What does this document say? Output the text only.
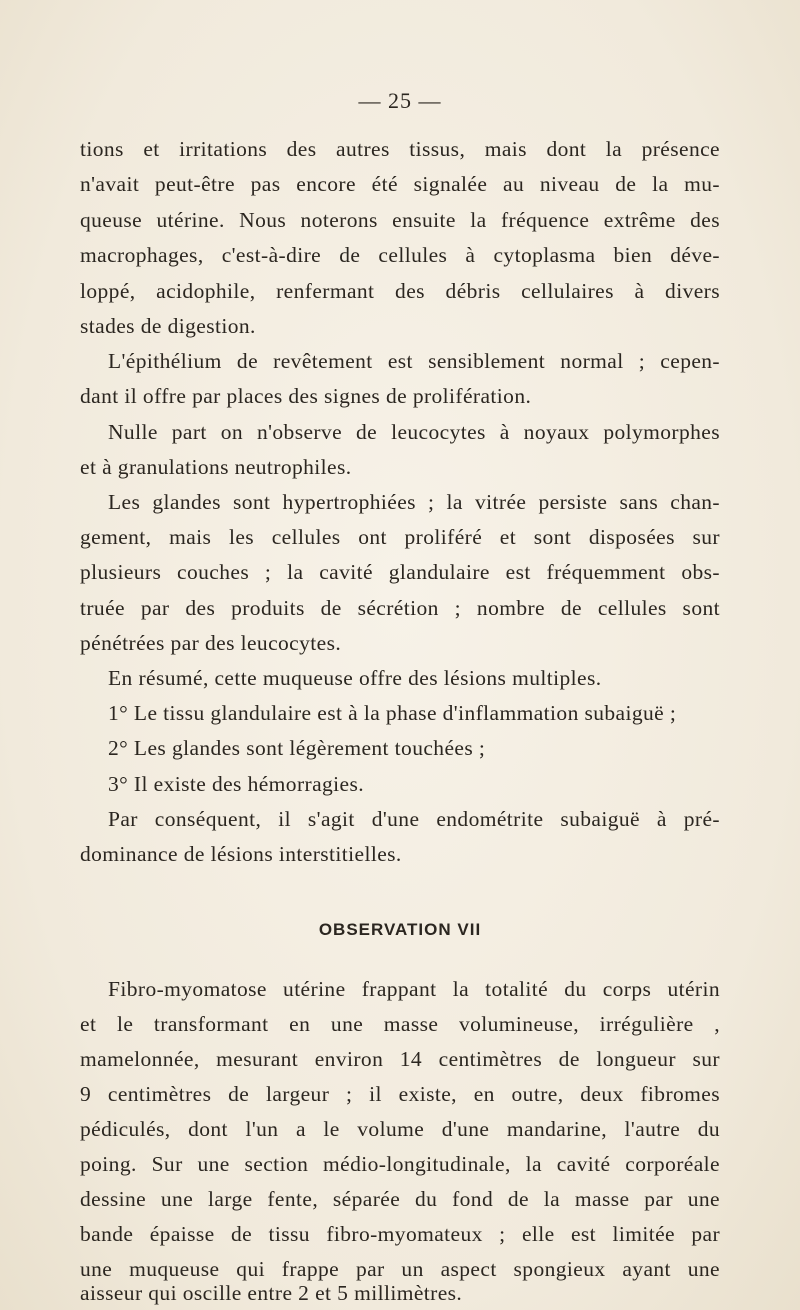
— 25 —
tions et irritations des autres tissus, mais dont la présence
n'avait peut-être pas encore été signalée au niveau de la mu-
queuse utérine. Nous noterons ensuite la fréquence extrême des
macrophages, c'est-à-dire de cellules à cytoplasma bien déve-
loppé, acidophile, renfermant des débris cellulaires à divers
stades de digestion.
L'épithélium de revêtement est sensiblement normal ; cepen-
dant il offre par places des signes de prolifération.
Nulle part on n'observe de leucocytes à noyaux polymorphes
et à granulations neutrophiles.
Les glandes sont hypertrophiées ; la vitrée persiste sans chan-
gement, mais les cellules ont proliféré et sont disposées sur
plusieurs couches ; la cavité glandulaire est fréquemment obs-
truée par des produits de sécrétion ; nombre de cellules sont
pénétrées par des leucocytes.
En résumé, cette muqueuse offre des lésions multiples.
1° Le tissu glandulaire est à la phase d'inflammation subaiguë ;
2° Les glandes sont légèrement touchées ;
3° Il existe des hémorragies.
Par conséquent, il s'agit d'une endométrite subaiguë à pré-
dominance de lésions interstitielles.
OBSERVATION VII
Fibro-myomatose utérine frappant la totalité du corps utérin
et le transformant en une masse volumineuse, irrégulière ,
mamelonnée, mesurant environ 14 centimètres de longueur sur
9 centimètres de largeur ; il existe, en outre, deux fibromes
pédiculés, dont l'un a le volume d'une mandarine, l'autre du
poing. Sur une section médio-longitudinale, la cavité corporéale
dessine une large fente, séparée du fond de la masse par une
bande épaisse de tissu fibro-myomateux ; elle est limitée par
une muqueuse qui frappe par un aspect spongieux ayant une
aisseur qui oscille entre 2 et 5 millimètres.
